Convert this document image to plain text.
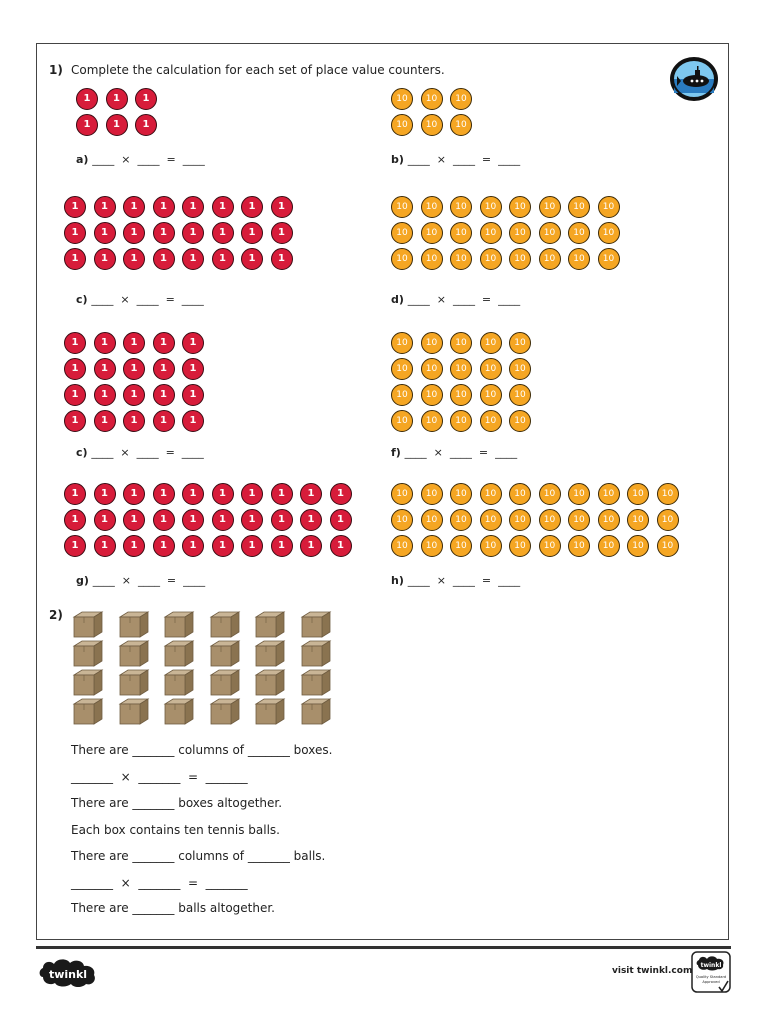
1) Complete the calculation for each set of place value counters.
1	1	1
1	1	1
a) ____  ×  ____  =  ____
10	10	10
10	10	10
b) ____  ×  ____  =  ____
1	1	1	1	1	1	1	1
1	1	1	1	1	1	1	1
1	1	1	1	1	1	1	1
c) ____  ×  ____  =  ____
10	10	10	10	10	10	10	10
10	10	10	10	10	10	10	10
10	10	10	10	10	10	10	10
d) ____  ×  ____  =  ____
1	1	1	1	1
1	1	1	1	1
1	1	1	1	1
1	1	1	1	1
c) ____  ×  ____  =  ____
10	10	10	10	10
10	10	10	10	10
10	10	10	10	10
10	10	10	10	10
f) ____  ×  ____  =  ____
1	1	1	1	1	1	1	1	1	1
1	1	1	1	1	1	1	1	1	1
1	1	1	1	1	1	1	1	1	1
g) ____  ×  ____  =  ____
10	10	10	10	10	10	10	10	10	10
10	10	10	10	10	10	10	10	10	10
10	10	10	10	10	10	10	10	10	10
h) ____  ×  ____  =  ____
2)
There are _______ columns of _______ boxes.
_______  ×  _______  =  _______
There are _______ boxes altogether.
Each box contains ten tennis balls.
There are _______ columns of _______ balls.
_______  ×  _______  =  _______
There are _______ balls altogether.
twinkl	visit twinkl.com
twinkl
Quality Standard
Approved
